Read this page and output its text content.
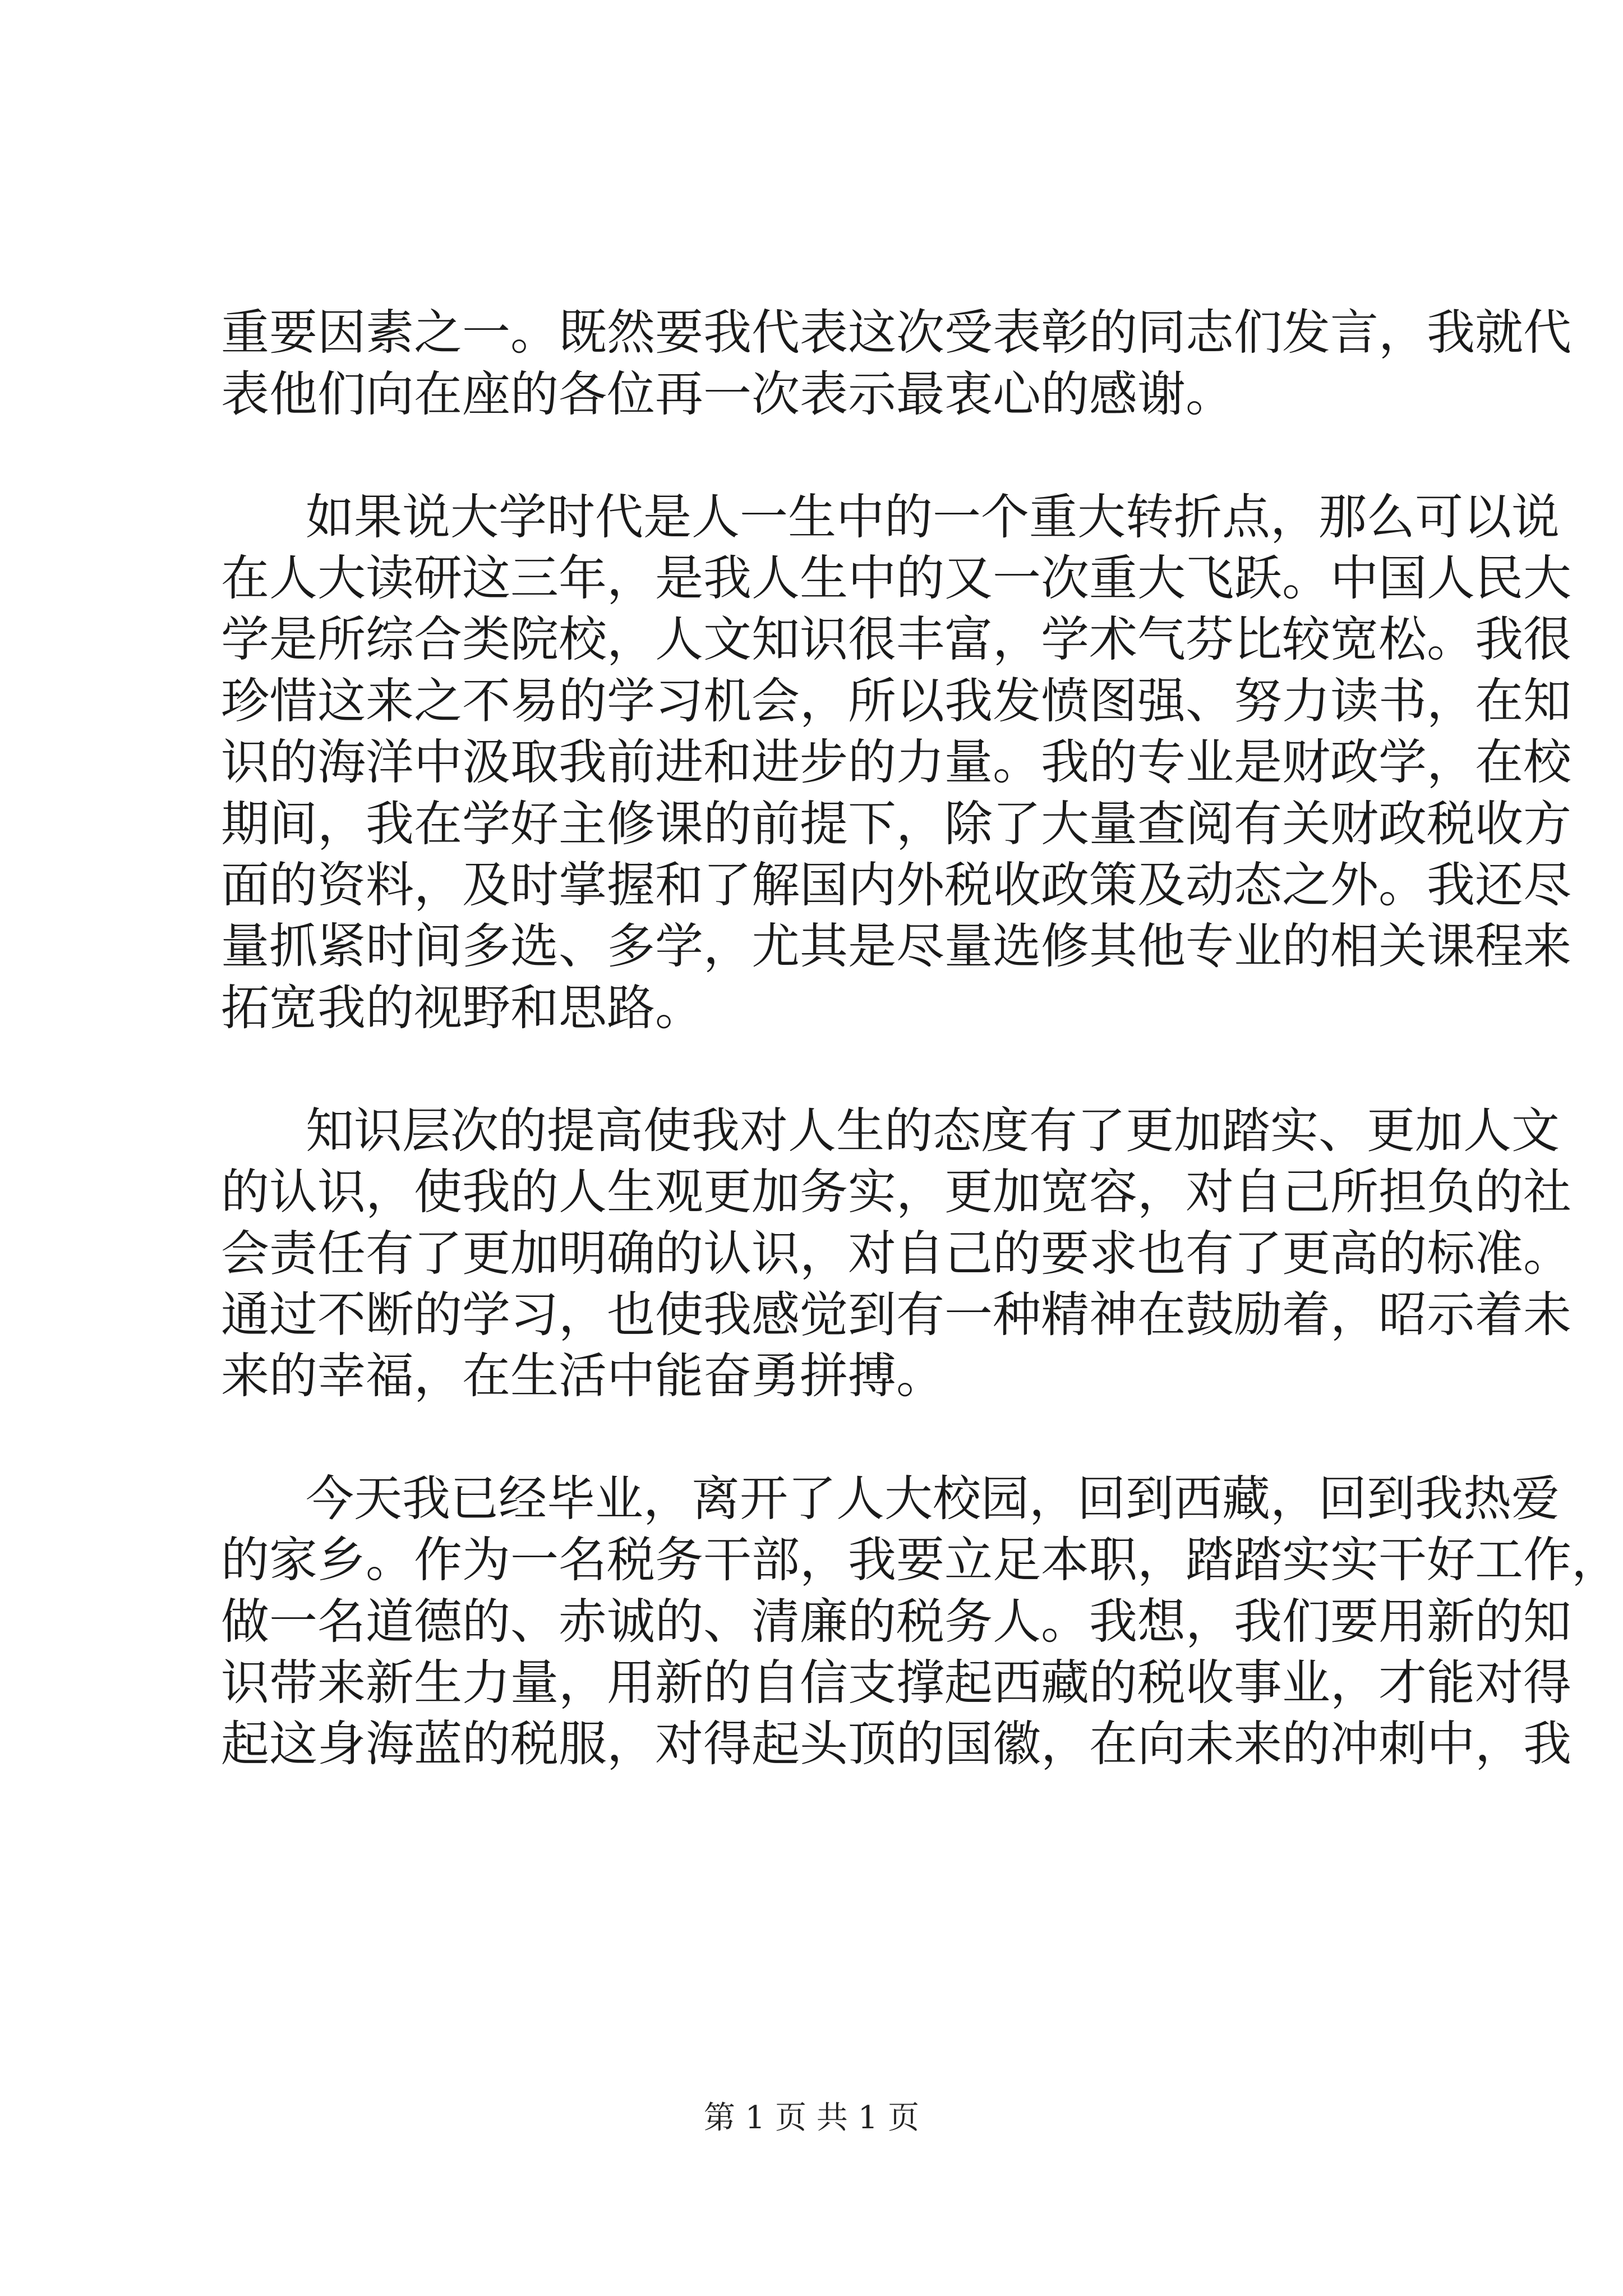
重要因素之一。既然要我代表这次受表彰的同志们发言，我就代
表他们向在座的各位再一次表示最衷心的感谢。
如果说大学时代是人一生中的一个重大转折点，那么可以说
在人大读研这三年，是我人生中的又一次重大飞跃。中国人民大
学是所综合类院校，人文知识很丰富，学术气芬比较宽松。我很
珍惜这来之不易的学习机会，所以我发愤图强、努力读书，在知
识的海洋中汲取我前进和进步的力量。我的专业是财政学，在校
期间，我在学好主修课的前提下，除了大量查阅有关财政税收方
面的资料，及时掌握和了解国内外税收政策及动态之外。我还尽
量抓紧时间多选、多学，尤其是尽量选修其他专业的相关课程来
拓宽我的视野和思路。
知识层次的提高使我对人生的态度有了更加踏实、更加人文
的认识，使我的人生观更加务实，更加宽容，对自己所担负的社
会责任有了更加明确的认识，对自己的要求也有了更高的标准。
通过不断的学习，也使我感觉到有一种精神在鼓励着，昭示着未
来的幸福，在生活中能奋勇拼搏。
今天我已经毕业，离开了人大校园，回到西藏，回到我热爱
的家乡。作为一名税务干部，我要立足本职，踏踏实实干好工作，
做一名道德的、赤诚的、清廉的税务人。我想，我们要用新的知
识带来新生力量，用新的自信支撑起西藏的税收事业，才能对得
起这身海蓝的税服，对得起头顶的国徽，在向未来的冲刺中，我
第 1 页 共 1 页
